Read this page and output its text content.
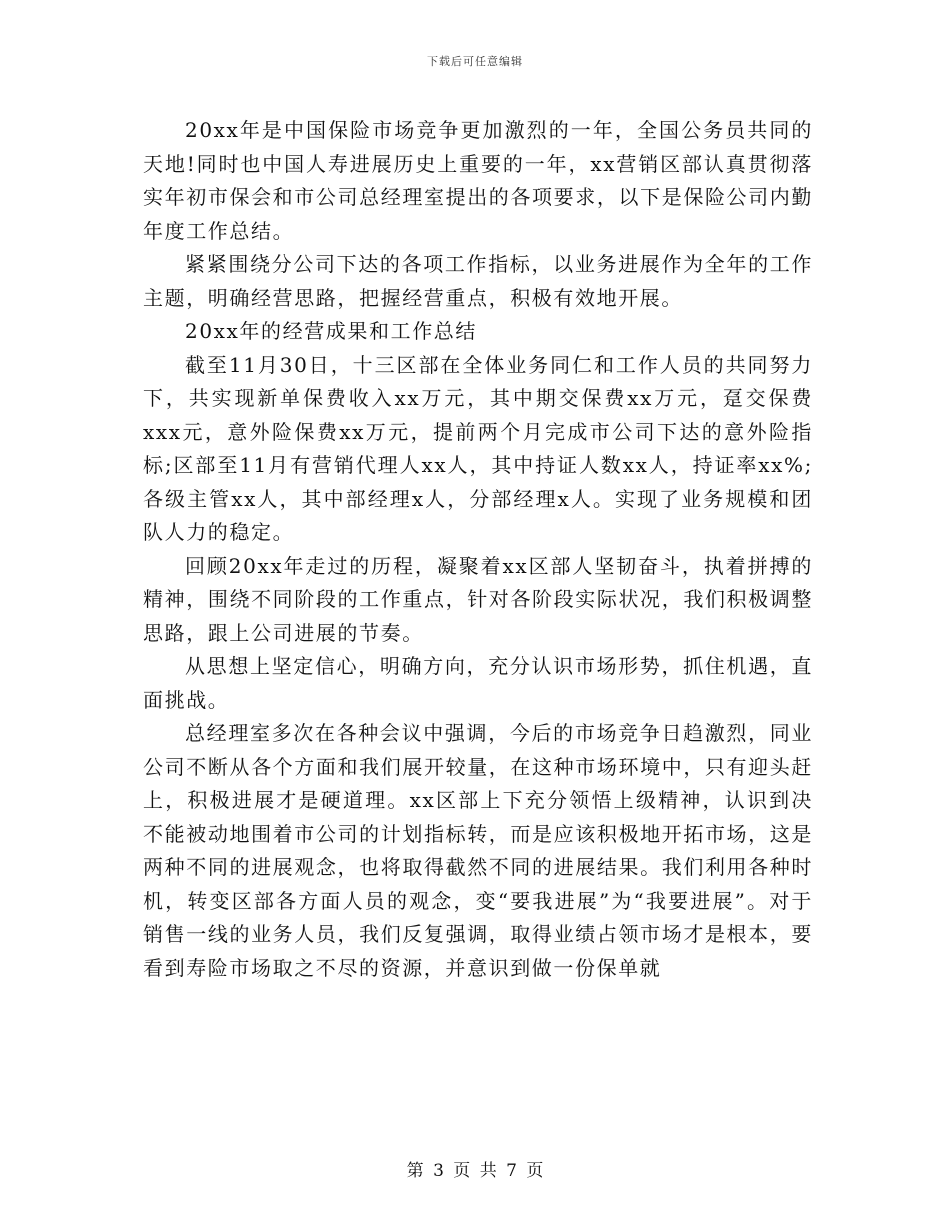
下载后可任意编辑

20xx年是中国保险市场竞争更加激烈的一年，全国公务员共同的天地!同时也中国人寿进展历史上重要的一年，xx营销区部认真贯彻落实年初市保会和市公司总经理室提出的各项要求，以下是保险公司内勤年度工作总结。

紧紧围绕分公司下达的各项工作指标，以业务进展作为全年的工作主题，明确经营思路，把握经营重点，积极有效地开展。

20xx年的经营成果和工作总结

截至11月30日，十三区部在全体业务同仁和工作人员的共同努力下，共实现新单保费收入xx万元，其中期交保费xx万元，趸交保费xxx元，意外险保费xx万元，提前两个月完成市公司下达的意外险指标;区部至11月有营销代理人xx人，其中持证人数xx人，持证率xx%;各级主管xx人，其中部经理x人，分部经理x人。实现了业务规模和团队人力的稳定。

回顾20xx年走过的历程，凝聚着xx区部人坚韧奋斗，执着拼搏的精神，围绕不同阶段的工作重点，针对各阶段实际状况，我们积极调整思路，跟上公司进展的节奏。

从思想上坚定信心，明确方向，充分认识市场形势，抓住机遇，直面挑战。

总经理室多次在各种会议中强调，今后的市场竞争日趋激烈，同业公司不断从各个方面和我们展开较量，在这种市场环境中，只有迎头赶上，积极进展才是硬道理。xx区部上下充分领悟上级精神，认识到决不能被动地围着市公司的计划指标转，而是应该积极地开拓市场，这是两种不同的进展观念，也将取得截然不同的进展结果。我们利用各种时机，转变区部各方面人员的观念，变“要我进展”为“我要进展”。对于销售一线的业务人员，我们反复强调，取得业绩占领市场才是根本，要看到寿险市场取之不尽的资源，并意识到做一份保单就

第 3 页 共 7 页
